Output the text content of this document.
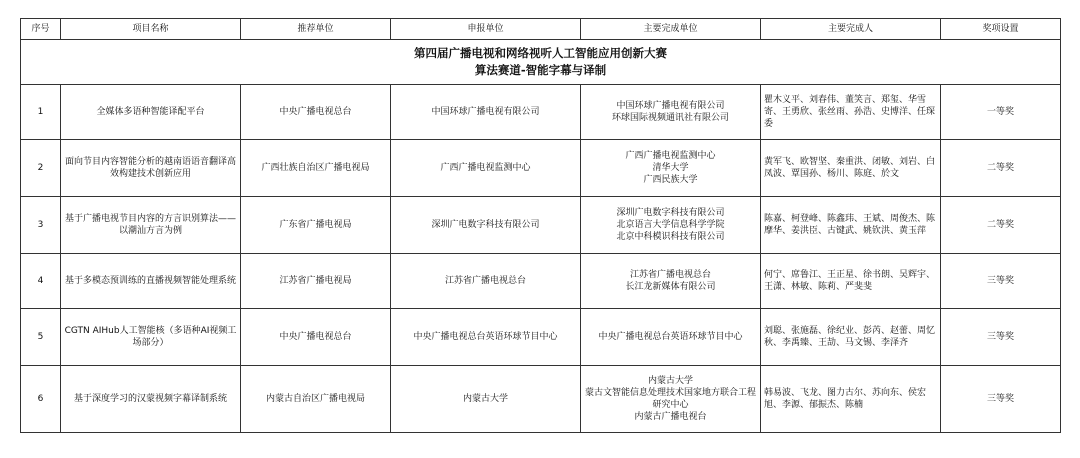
第四届广播电视和网络视听人工智能应用创新大赛
算法赛道-智能字幕与译制						

序号	项目名称	推荐单位	申报单位	主要完成单位	主要完成人	奖项设置
1	全媒体多语种智能译配平台	中央广播电视总台	中国环球广播电视有限公司	中国环球广播电视有限公司
环球国际视频通讯社有限公司	瞿木义平、刘春伟、董笑言、郑玺、华雪寄、王勇欣、张丝雨、孙浩、史博洋、任琛委	一等奖
2	面向节目内容智能分析的越南语语音翻译高效构建技术创新应用	广西壮族自治区广播电视局	广西广播电视监测中心	广西广播电视监测中心
清华大学
广西民族大学	黄军飞、欧智坚、秦重洪、闭敏、刘岩、白凤波、覃国孙、杨川、陈庭、於文	二等奖
3	基于广播电视节目内容的方言识别算法——以潮汕方言为例	广东省广播电视局	深圳广电数字科技有限公司	深圳广电数字科技有限公司
北京语言大学信息科学学院
北京中科模识科技有限公司	陈嘉、柯登峰、陈鑫玮、王斌、周俊杰、陈摩华、姜洪臣、古键武、姚钦洪、黄玉萍	二等奖
4	基于多模态预训练的直播视频智能处理系统	江苏省广播电视局	江苏省广播电视总台	江苏省广播电视总台
长江龙新媒体有限公司	何宁、席鲁江、王正星、徐书朗、吴辉宇、王潇、林敏、陈莉、严斐斐	三等奖
5	CGTN AIHub人工智能核（多语种AI视频工场部分）	中央广播电视总台	中央广播电视总台英语环球节目中心	中央广播电视总台英语环球节目中心	刘聪、张施磊、徐纪业、彭芮、赵蕾、周忆秋、李禹臻、王劼、马文锡、李泽齐	三等奖
6	基于深度学习的汉蒙视频字幕译制系统	内蒙古自治区广播电视局	内蒙古大学	内蒙古大学
蒙古文智能信息处理技术国家地方联合工程研究中心
内蒙古广播电视台	韩易波、飞龙、图力古尔、苏向东、侯宏旭、李源、郁振杰、陈楠	三等奖
